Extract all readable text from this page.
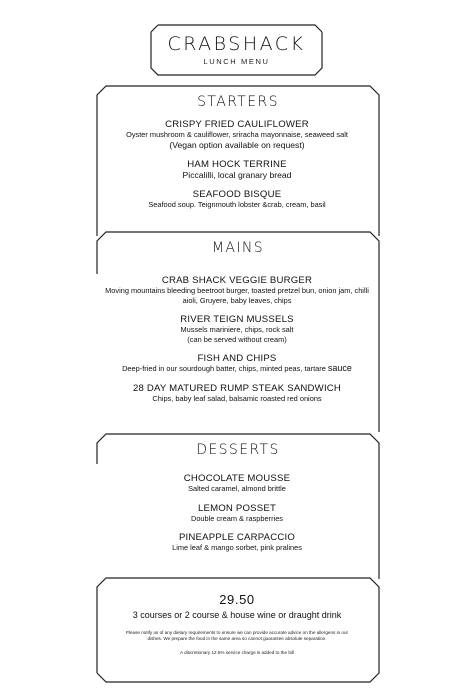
CRABSHACK
LUNCH MENU
STARTERS
CRISPY FRIED CAULIFLOWER
Oyster mushroom & cauliflower, sriracha mayonnaise, seaweed salt
(Vegan option available on request)
HAM HOCK TERRINE
Piccalilli, local granary bread
SEAFOOD BISQUE
Seafood soup. Teignmouth lobster &crab, cream, basil
MAINS
CRAB SHACK VEGGIE BURGER
Moving mountains bleeding beetroot burger, toasted pretzel bun, onion jam, chilli
aioli, Gruyere, baby leaves, chips
RIVER TEIGN MUSSELS
Mussels mariniere, chips, rock salt
(can be served without cream)
FISH AND CHIPS
Deep-fried in our sourdough batter, chips, minted peas, tartare sauce
28 DAY MATURED RUMP STEAK SANDWICH
Chips, baby leaf salad, balsamic roasted red onions
DESSERTS
CHOCOLATE MOUSSE
Salted caramel, almond brittle
LEMON POSSET
Double cream & raspberries
PINEAPPLE CARPACCIO
Lime leaf & mango sorbet, pink pralines
29.50
3 courses or 2 course & house wine or draught drink
Please notify us of any dietary requirements to ensure we can provide accurate advice on the allergens in our
dishes. We prepare the food in the same area so cannot guarantee absolute separation.
A discretionary 12.5% service charge is added to the bill
